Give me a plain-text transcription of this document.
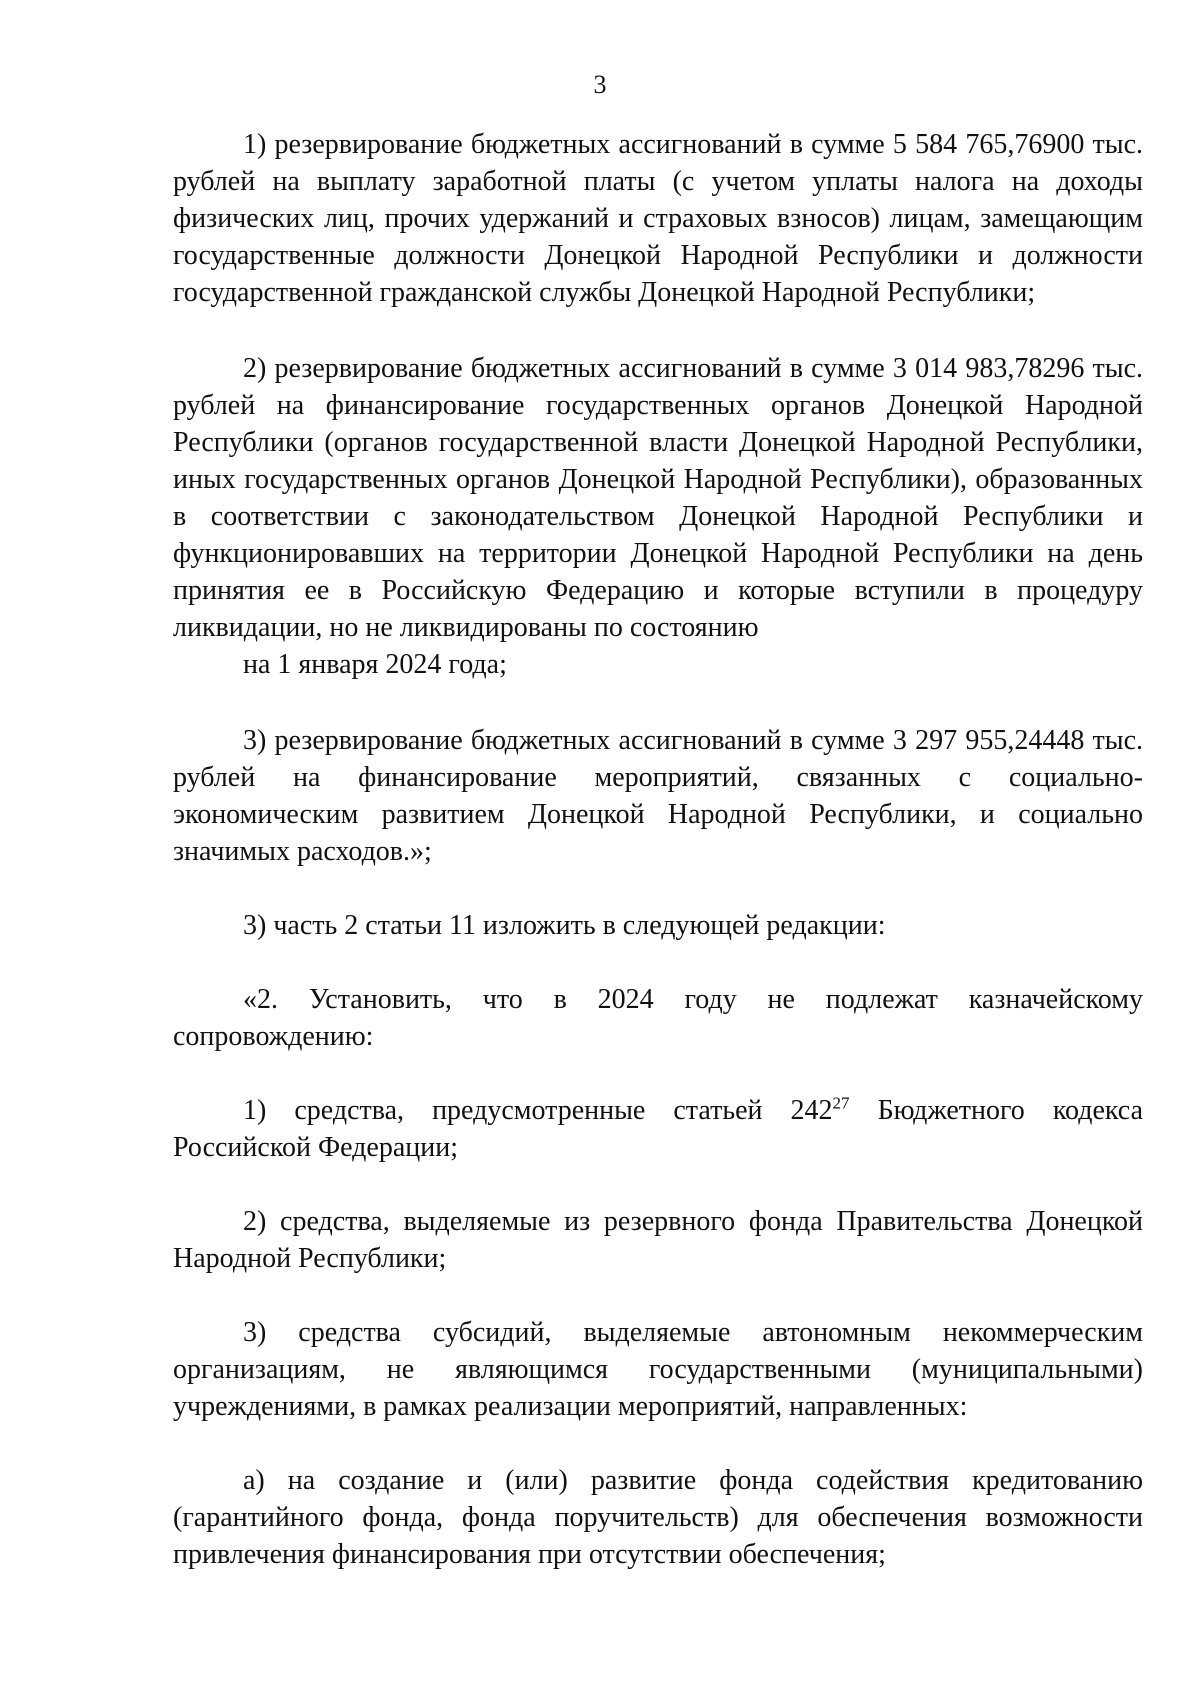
3

1) резервирование бюджетных ассигнований в сумме 5 584 765,76900 тыс. рублей на выплату заработной платы (с учетом уплаты налога на доходы физических лиц, прочих удержаний и страховых взносов) лицам, замещающим государственные должности Донецкой Народной Республики и должности государственной гражданской службы Донецкой Народной Республики;

2) резервирование бюджетных ассигнований в сумме 3 014 983,78296 тыс. рублей на финансирование государственных органов Донецкой Народной Республики (органов государственной власти Донецкой Народной Республики, иных государственных органов Донецкой Народной Республики), образованных в соответствии с законодательством Донецкой Народной Республики и функционировавших на территории Донецкой Народной Республики на день принятия ее в Российскую Федерацию и которые вступили в процедуру ликвидации, но не ликвидированы по состоянию
на 1 января 2024 года;

3) резервирование бюджетных ассигнований в сумме 3 297 955,24448 тыс. рублей на финансирование мероприятий, связанных с социально-экономическим развитием Донецкой Народной Республики, и социально значимых расходов.»;

3) часть 2 статьи 11 изложить в следующей редакции:

«2. Установить, что в 2024 году не подлежат казначейскому сопровождению:

1) средства, предусмотренные статьей $242^{27}$ Бюджетного кодекса Российской Федерации;

2) средства, выделяемые из резервного фонда Правительства Донецкой Народной Республики;

3) средства субсидий, выделяемые автономным некоммерческим организациям, не являющимся государственными (муниципальными) учреждениями, в рамках реализации мероприятий, направленных:

а) на создание и (или) развитие фонда содействия кредитованию (гарантийного фонда, фонда поручительств) для обеспечения возможности привлечения финансирования при отсутствии обеспечения;
